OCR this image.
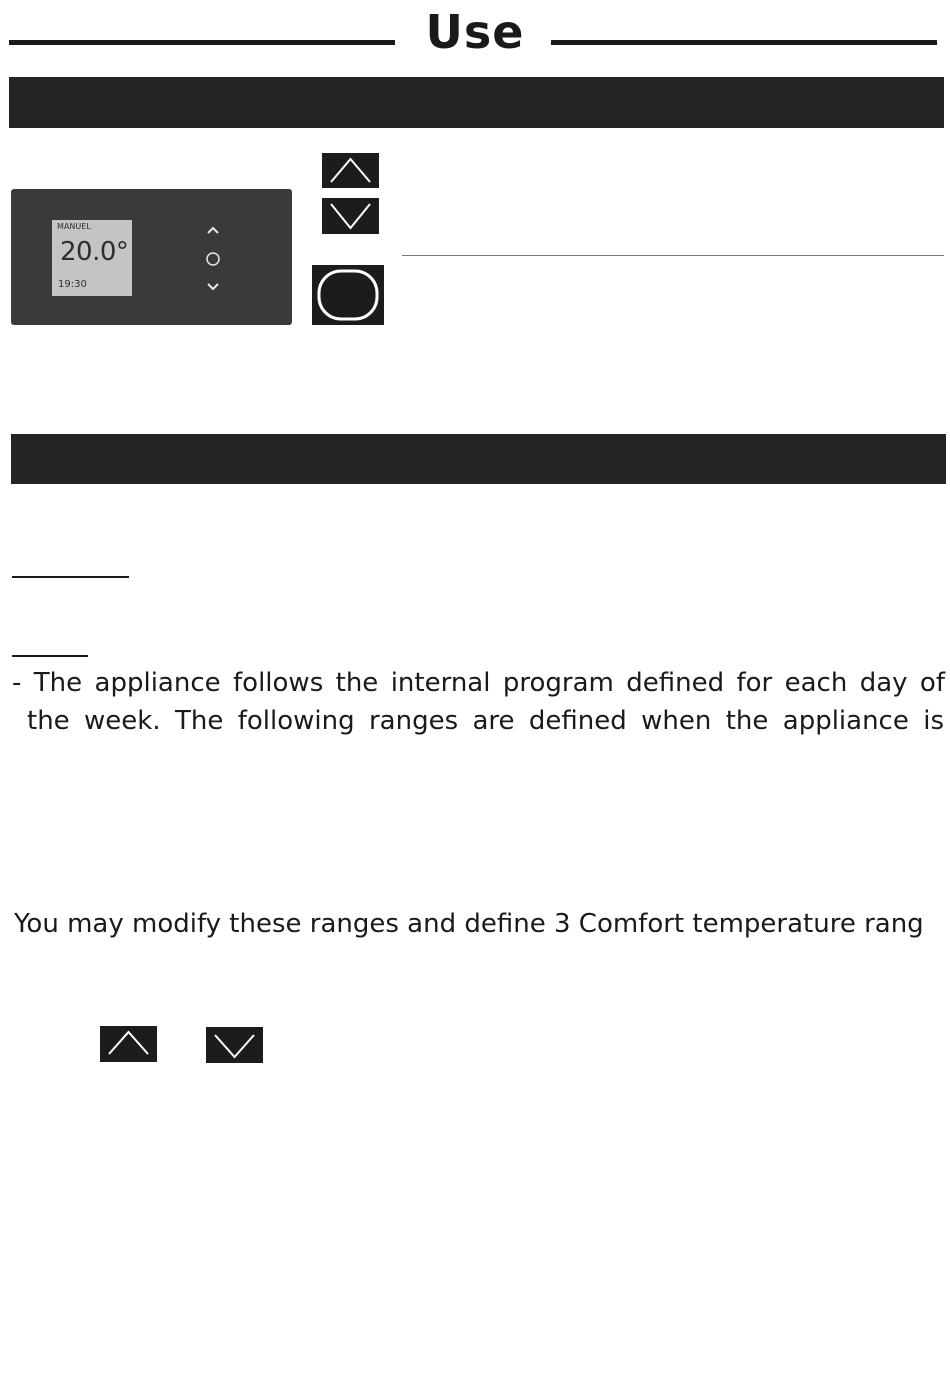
Use
MANUEL
20.0°
19:30
- The appliance follows the internal program defined for each day of
the week. The following ranges are defined when the appliance is
You may modify these ranges and define 3 Comfort temperature rang
